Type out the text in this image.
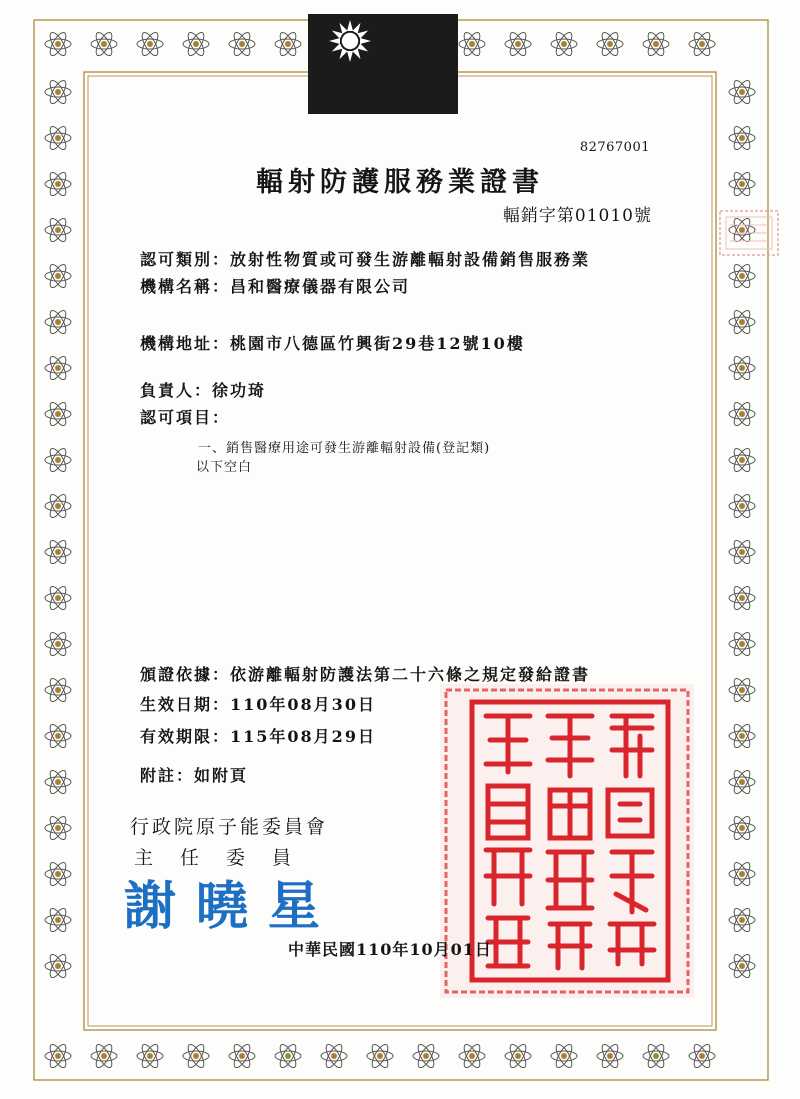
82767001
輻射防護服務業證書
輻銷字第01010號
認可類別：放射性物質或可發生游離輻射設備銷售服務業
機構名稱：昌和醫療儀器有限公司
機構地址：桃園市八德區竹興街29巷12號10樓
負責人：徐功琦
認可項目：
一、銷售醫療用途可發生游離輻射設備(登記類)
以下空白
頒證依據：依游離輻射防護法第二十六條之規定發給證書
生效日期：110年08月30日
有效期限：115年08月29日
附註：如附頁
行政院原子能委員會
主　任　委　員
謝曉星
中華民國110年10月01日
